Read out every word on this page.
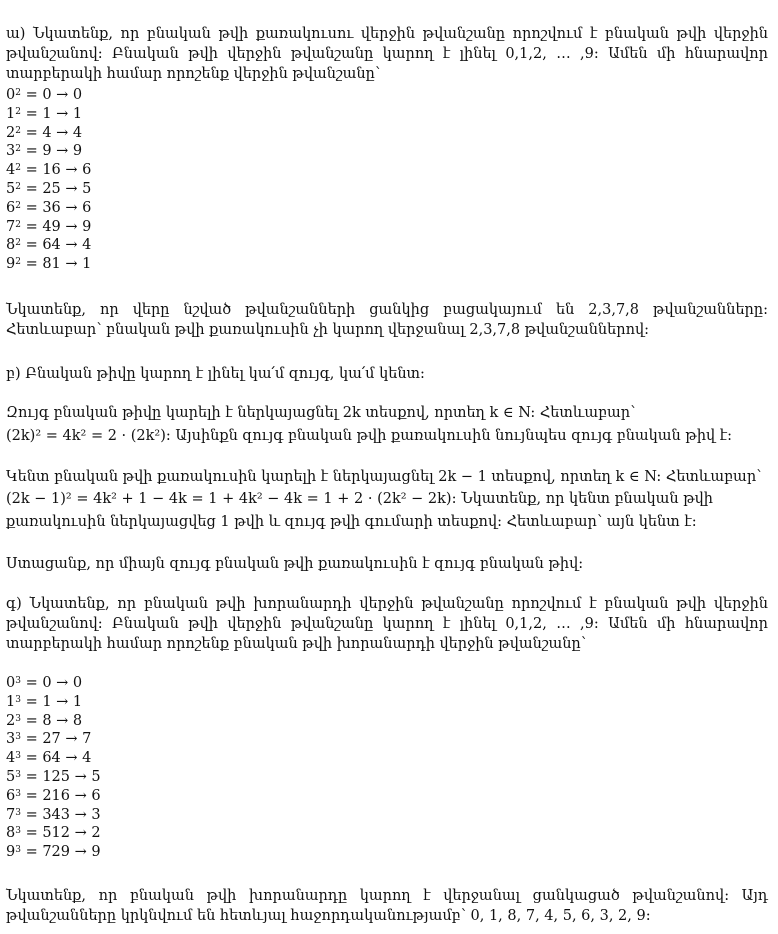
ա) Նկատենք, որ բնական թվի քառակուսու վերջին թվանշանը որոշվում է բնական թվի վերջին թվանշանով: Բնական թվի վերջին թվանշանը կարող է լինել 0,1,2, … ,9: Ամեն մի հնարավոր տարբերակի համար որոշենք վերջին թվանշանը՝
$0^2 = 0 \to 0$
$1^2 = 1 \to 1$
$2^2 = 4 \to 4$
$3^2 = 9 \to 9$
$4^2 = 16 \to 6$
$5^2 = 25 \to 5$
$6^2 = 36 \to 6$
$7^2 = 49 \to 9$
$8^2 = 64 \to 4$
$9^2 = 81 \to 1$
Նկատենք, որ վերը նշված թվանշանների ցանկից բացակայում են 2,3,7,8 թվանշանները: Հետևաբար՝ բնական թվի քառակուսին չի կարող վերջանալ 2,3,7,8 թվանշաններով:
բ) Բնական թիվը կարող է լինել կա՛մ զույգ, կա՛մ կենտ:
Զույգ բնական թիվը կարելի է ներկայացնել 2k տեսքով, որտեղ k ∈ N: Հետևաբար՝
(2k)² = 4k² = 2 · (2k²): Այսինքն զույգ բնական թվի քառակուսին նույնպես զույգ բնական թիվ է:
Կենտ բնական թվի քառակուսին կարելի է ներկայացնել 2k − 1 տեսքով, որտեղ k ∈ N: Հետևաբար՝
(2k − 1)² = 4k² + 1 − 4k = 1 + 4k² − 4k = 1 + 2 · (2k² − 2k): Նկատենք, որ կենտ բնական թվի
քառակուսին ներկայացվեց 1 թվի և զույգ թվի գումարի տեսքով: Հետևաբար՝ այն կենտ է:
Ստացանք, որ միայն զույգ բնական թվի քառակուսին է զույգ բնական թիվ:
գ) Նկատենք, որ բնական թվի խորանարդի վերջին թվանշանը որոշվում է բնական թվի վերջին թվանշանով: Բնական թվի վերջին թվանշանը կարող է լինել 0,1,2, … ,9: Ամեն մի հնարավոր տարբերակի համար որոշենք բնական թվի խորանարդի վերջին թվանշանը՝
$0^3 = 0 \to 0$
$1^3 = 1 \to 1$
$2^3 = 8 \to 8$
$3^3 = 27 \to 7$
$4^3 = 64 \to 4$
$5^3 = 125 \to 5$
$6^3 = 216 \to 6$
$7^3 = 343 \to 3$
$8^3 = 512 \to 2$
$9^3 = 729 \to 9$
Նկատենք, որ բնական թվի խորանարդը կարող է վերջանալ ցանկացած թվանշանով: Այդ թվանշանները կրկնվում են հետևյալ հաջորդականությամբ՝ 0, 1, 8, 7, 4, 5, 6, 3, 2, 9:
